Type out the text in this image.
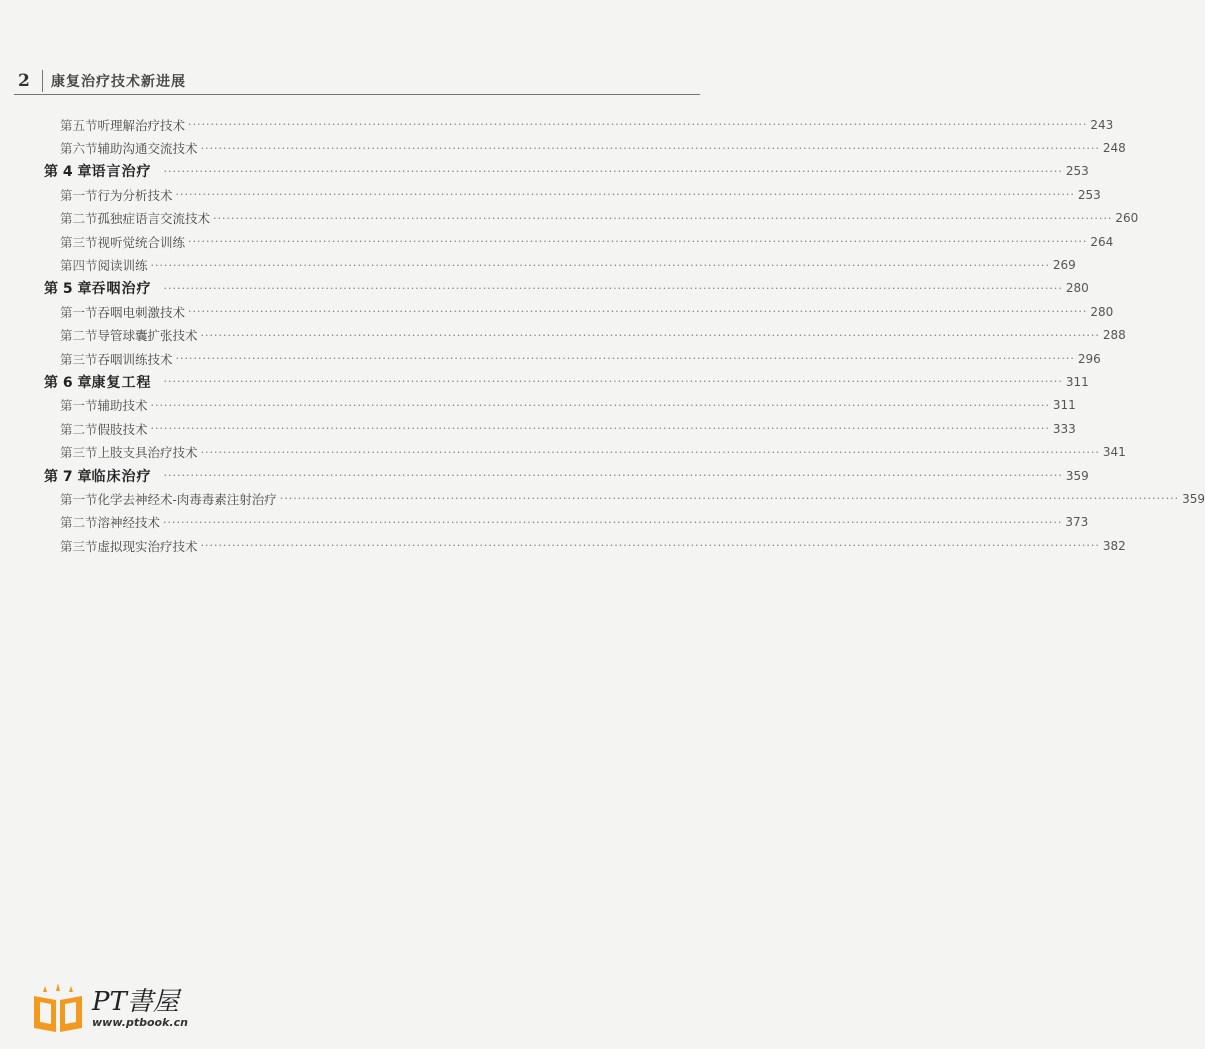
2	康复治疗技术新进展
第五节 听理解治疗技术 ········································································································································································································ 243
第六节 辅助沟通交流技术 ········································································································································································································ 248
第 4 章 语言治疗 ········································································································································································································ 253
第一节 行为分析技术 ········································································································································································································ 253
第二节 孤独症语言交流技术 ········································································································································································································ 260
第三节 视听觉统合训练 ········································································································································································································ 264
第四节 阅读训练 ········································································································································································································ 269
第 5 章 吞咽治疗 ········································································································································································································ 280
第一节 吞咽电刺激技术 ········································································································································································································ 280
第二节 导管球囊扩张技术 ········································································································································································································ 288
第三节 吞咽训练技术 ········································································································································································································ 296
第 6 章 康复工程 ········································································································································································································ 311
第一节 辅助技术 ········································································································································································································ 311
第二节 假肢技术 ········································································································································································································ 333
第三节 上肢支具治疗技术 ········································································································································································································ 341
第 7 章 临床治疗 ········································································································································································································ 359
第一节 化学去神经术-肉毒毒素注射治疗 ········································································································································································································ 359
第二节 溶神经技术 ········································································································································································································ 373
第三节 虚拟现实治疗技术 ········································································································································································································ 382
PT書屋
www.ptbook.cn
